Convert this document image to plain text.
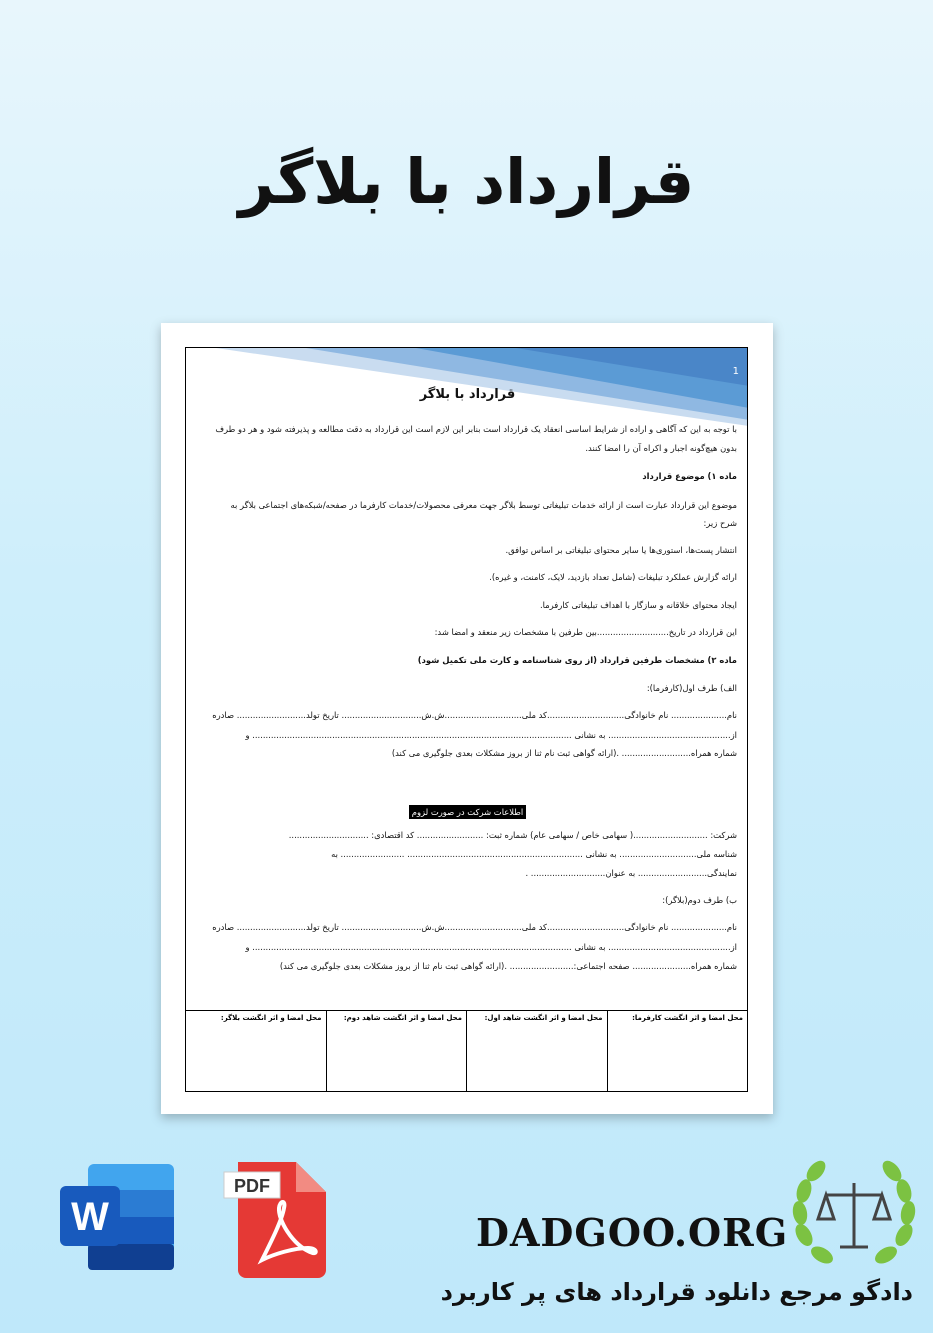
قرارداد با بلاگر
1
قرارداد با بلاگر
با توجه به این که آگاهی و اراده از شرایط اساسی انعقاد یک قرارداد است بنابر این لازم است این قرارداد به دقت مطالعه و پذیرفته شود و هر دو طرف
بدون هیچ‌گونه اجبار و اکراه آن را امضا کنند.
ماده ۱) موضوع قرارداد
موضوع این قرارداد عبارت است از ارائه خدمات تبلیغاتی توسط بلاگر جهت معرفی محصولات/خدمات کارفرما در صفحه/شبکه‌های اجتماعی بلاگر به
شرح زیر:
انتشار پست‌ها، استوری‌ها یا سایر محتوای تبلیغاتی بر اساس توافق.
ارائه گزارش عملکرد تبلیغات (شامل تعداد بازدید، لایک، کامنت، و غیره).
ایجاد محتوای خلاقانه و سازگار با اهداف تبلیغاتی کارفرما.
این قرارداد در تاریخ...........................بین طرفین با مشخصات زیر منعقد و امضا شد:
ماده ۲) مشخصات طرفین قرارداد (از روی شناسنامه و کارت ملی تکمیل شود)
الف) طرف اول(کارفرما):
نام..................... نام خانوادگی.............................کد ملی.............................ش.ش.............................. تاریخ تولد.......................... صادره
از.............................................. به نشانی ........................................................................................................................ و
شماره همراه.......................... .(ارائه گواهی ثبت نام ثنا از بروز مشکلات بعدی جلوگیری می کند)
اطلاعات شرکت در صورت لزوم
شرکت: ............................( سهامی خاص / سهامی عام) شماره ثبت: ......................... کد اقتصادی: ..............................
شناسه ملی............................. به نشانی .................................................................. ........................ به
نمایندگی.......................... به عنوان............................ .
ب) طرف دوم(بلاگر):
نام..................... نام خانوادگی.............................کد ملی.............................ش.ش.............................. تاریخ تولد.......................... صادره
از.............................................. به نشانی ........................................................................................................................ و
شماره همراه...................... صفحه اجتماعی:........................ .(ارائه گواهی ثبت نام ثنا از بروز مشکلات بعدی جلوگیری می کند)
محل امضا و اثر انگشت کارفرما:
محل امضا و اثر انگشت شاهد اول:
محل امضا و اثر انگشت شاهد دوم:
محل امضا و اثر انگشت بلاگر:
W
PDF
DADGOO.ORG
دادگو مرجع دانلود قرارداد های پر کاربرد
